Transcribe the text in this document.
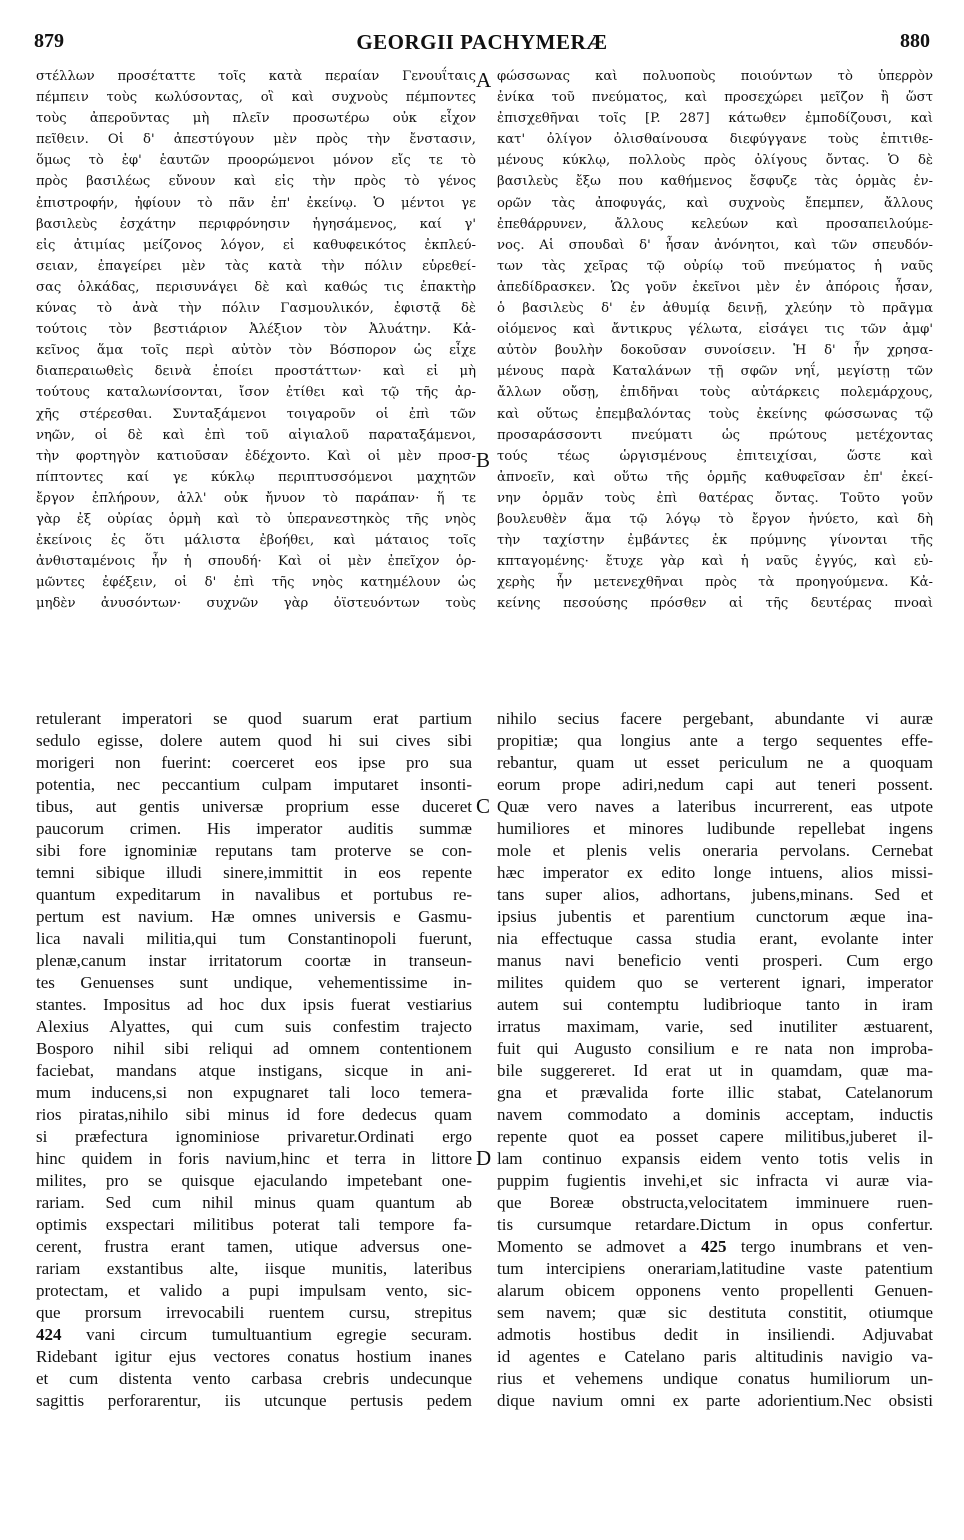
879	GEORGII PACHYMERÆ	880
A
B
C
D
στέλλων προσέταττε τοῖς κατὰ περαίαν Γενουΐταις
πέμπειν τοὺς κωλύσοντας, οἳ καὶ συχνοὺς πέμποντες
τοὺς ἀπεροῦντας μὴ πλεῖν προσωτέρω οὐκ εἶχον
πεῖθειν. Οἱ δ' ἀπεστύγουν μὲν πρὸς τὴν ἔνστασιν,
ὅμως τὸ ἐφ' ἑαυτῶν προορώμενοι μόνον εἴς τε τὸ
πρὸς βασιλέως εὔνουν καὶ εἰς τὴν πρὸς τὸ γένος
ἐπιστροφήν, ἠφίουν τὸ πᾶν ἐπ' ἐκείνῳ. Ὁ μέντοι γε
βασιλεὺς ἐσχάτην περιφρόνησιν ἡγησάμενος, καί γ'
εἰς ἀτιμίας μείζονος λόγον, εἰ καθυφεικότος ἐκπλεύ-
σειαν, ἐπαγείρει μὲν τὰς κατὰ τὴν πόλιν εὑρεθεί-
σας ὁλκάδας, περισυνάγει δὲ καὶ καθώς τις ἐπακτὴρ
κύνας τὸ ἀνὰ τὴν πόλιν Γασμουλικόν, ἐφιστᾷ δὲ
τούτοις τὸν βεστιάριον Ἀλέξιον τὸν Ἀλυάτην. Κἀ-
κεῖνος ἅμα τοῖς περὶ αὐτὸν τὸν Βόσπορον ὡς εἶχε
διαπεραιωθεὶς δεινὰ ἐποίει προστάττων· καὶ εἰ μὴ
τούτους καταλωνίσονται, ἴσον ἐτίθει καὶ τῷ τῆς ἀρ-
χῆς στέρεσθαι. Συνταξάμενοι τοιγαροῦν οἱ ἐπὶ τῶν
νηῶν, οἱ δὲ καὶ ἐπὶ τοῦ αἰγιαλοῦ παραταξάμενοι,
τὴν φορτηγὸν κατιοῦσαν ἐδέχοντο. Καὶ οἱ μὲν προσ-
πίπτοντες καί γε κύκλῳ περιπτυσσόμενοι μαχητῶν
ἔργον ἐπλήρουν, ἀλλ' οὐκ ἤνυον τὸ παράπαν· ἥ τε
γὰρ ἐξ οὐρίας ὁρμὴ καὶ τὸ ὑπερανεστηκὸς τῆς νηὸς
ἐκείνοις ἐς ὅτι μάλιστα ἐβοήθει, καὶ μάταιος τοῖς
ἀνθισταμένοις ἦν ἡ σπουδή· Καὶ οἱ μὲν ἐπεῖχον ὁρ-
μῶντες ἐφέξειν, οἱ δ' ἐπὶ τῆς νηὸς κατημέλουν ὡς
μηδὲν ἀνυσόντων· συχνῶν γὰρ ὀϊστευόντων τοὺς
φώσσωνας καὶ πολυοποὺς ποιούντων τὸ ὑπερρὸν
ἐνίκα τοῦ πνεύματος, καὶ προσεχώρει μεῖζον ἢ ὥστ
ἐπισχεθῆναι τοῖς [P. 287] κάτωθεν ἐμποδίζουσι, καὶ
κατ' ὀλίγον ὀλισθαίνουσα διεφύγγανε τοὺς ἐπιτιθε-
μένους κύκλῳ, πολλοὺς πρὸς ὀλίγους ὄντας. Ὁ δὲ
βασιλεὺς ἔξω που καθήμενος ἔσφυζε τὰς ὁρμὰς ἐν-
ορῶν τὰς ἀποφυγάς, καὶ συχνοὺς ἔπεμπεν, ἄλλους
ἐπεθάρρυνεν, ἄλλους κελεύων καὶ προσαπειλούμε-
νος. Αἱ σπουδαὶ δ' ἦσαν ἀνόνητοι, καὶ τῶν σπευδόν-
των τὰς χεῖρας τῷ οὐρίῳ τοῦ πνεύματος ἡ ναῦς
ἀπεδίδρασκεν. Ὡς γοῦν ἐκεῖνοι μὲν ἐν ἀπόροις ἦσαν,
ὁ βασιλεὺς δ' ἐν ἀθυμίᾳ δεινῇ, χλεύην τὸ πρᾶγμα
οἰόμενος καὶ ἄντικρυς γέλωτα, εἰσάγει τις τῶν ἀμφ'
αὐτὸν βουλὴν δοκοῦσαν συνοίσειν. Ἡ δ' ἦν χρησα-
μένους παρὰ Καταλάνων τῇ σφῶν νηΐ, μεγίστῃ τῶν
ἄλλων οὔσῃ, ἐπιδῆναι τοὺς αὐτάρκεις πολεμάρχους,
καὶ οὕτως ἐπεμβαλόντας τοὺς ἐκείνης φώσσωνας τῷ
προσαράσσοντι πνεύματι ὡς πρώτους μετέχοντας
τούς τέως ὡργισμένους ἐπιτειχίσαι, ὥστε καὶ
ἀπνοεῖν, καὶ οὕτω τῆς ὁρμῆς καθυφεῖσαν ἐπ' ἐκεί-
νην ὁρμᾶν τοὺς ἐπὶ θατέρας ὄντας. Τοῦτο γοῦν
βουλευθὲν ἅμα τῷ λόγῳ τὸ ἔργον ἠνύετο, καὶ δὴ
τὴν ταχίστην ἐμβάντες ἐκ πρύμνης γίνονται τῆς
κπταγομένης· ἔτυχε γὰρ καὶ ἡ ναῦς ἐγγύς, καὶ εὐ-
χερὴς ἦν μετενεχθῆναι πρὸς τὰ προηγούμενα. Κἀ-
κείνης πεσούσης πρόσθεν αἱ τῆς δευτέρας πνοαὶ
retulerant imperatori se quod suarum erat partium
sedulo egisse, dolere autem quod hi sui cives sibi
morigeri non fuerint: coerceret eos ipse pro sua
potentia, nec peccantium culpam imputaret insonti-
tibus, aut gentis universæ proprium esse duceret
paucorum crimen. His imperator auditis summæ
sibi fore ignominiæ reputans tam proterve se con-
temni sibique illudi sinere,immittit in eos repente
quantum expeditarum in navalibus et portubus re-
pertum est navium. Hæ omnes universis e Gasmu-
lica navali militia,qui tum Constantinopoli fuerunt,
plenæ,canum instar irritatorum coortæ in transeun-
tes Genuenses sunt undique, vehementissime in-
stantes. Impositus ad hoc dux ipsis fuerat vestiarius
Alexius Alyattes, qui cum suis confestim trajecto
Bosporo nihil sibi reliqui ad omnem contentionem
faciebat, mandans atque instigans, sicque in ani-
mum inducens,si non expugnaret tali loco temera-
rios piratas,nihilo sibi minus id fore dedecus quam
si præfectura ignominiose privaretur.Ordinati ergo
hinc quidem in foris navium,hinc et terra in littore
milites, pro se quisque ejaculando impetebant one-
rariam. Sed cum nihil minus quam quantum ab
optimis exspectari militibus poterat tali tempore fa-
cerent, frustra erant tamen, utique adversus one-
rariam exstantibus alte, iisque munitis, lateribus
protectam, et valido a pupi impulsam vento, sic-
que prorsum irrevocabili ruentem cursu, strepitus
424 vani circum tumultuantium egregie securam.
Ridebant igitur ejus vectores conatus hostium inanes
et cum distenta vento carbasa crebris undecunque
sagittis perforarentur, iis utcunque pertusis pedem
nihilo secius facere pergebant, abundante vi auræ
propitiæ; qua longius ante a tergo sequentes effe-
rebantur, quam ut esset periculum ne a quoquam
eorum prope adiri,nedum capi aut teneri possent.
Quæ vero naves a lateribus incurrerent, eas utpote
humiliores et minores ludibunde repellebat ingens
mole et plenis velis oneraria pervolans. Cernebat
hæc imperator ex edito longe intuens, alios missi-
tans super alios, adhortans, jubens,minans. Sed et
ipsius jubentis et parentium cunctorum æque ina-
nia effectuque cassa studia erant, evolante inter
manus navi beneficio venti prosperi. Cum ergo
milites quidem quo se verterent ignari, imperator
autem sui contemptu ludibrioque tanto in iram
irratus maximam, varie, sed inutiliter æstuarent,
fuit qui Augusto consilium e re nata non improba-
bile suggereret. Id erat ut in quamdam, quæ ma-
gna et prævalida forte illic stabat, Catelanorum
navem commodato a dominis acceptam, inductis
repente quot ea posset capere militibus,juberet il-
lam continuo expansis eidem vento totis velis in
puppim fugientis invehi,et sic infracta vi auræ via-
que Boreæ obstructa,velocitatem imminuere ruen-
tis cursumque retardare.Dictum in opus confertur.
Momento se admovet a 425 tergo inumbrans et ven-
tum intercipiens onerariam,latitudine vaste patentium
alarum obicem opponens vento propellenti Genuen-
sem navem; quæ sic destituta constitit, otiumque
admotis hostibus dedit in insiliendi. Adjuvabat
id agentes e Catelano paris altitudinis navigio va-
rius et vehemens undique conatus humiliorum un-
dique navium omni ex parte adorientium.Nec obsisti
